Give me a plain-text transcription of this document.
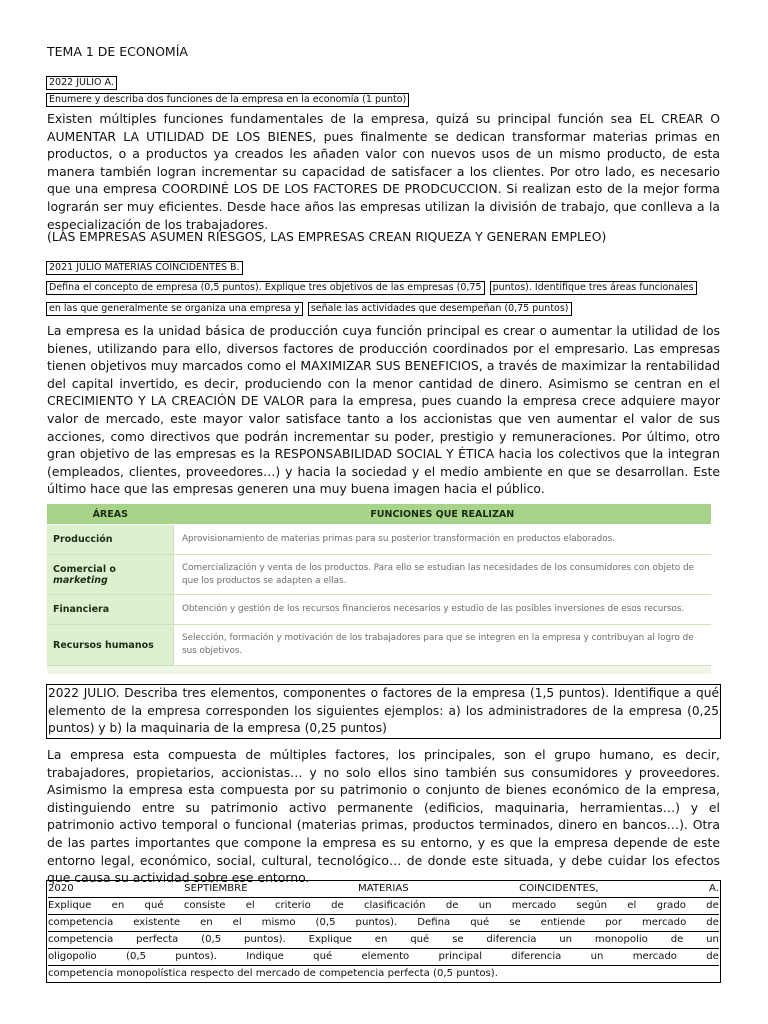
TEMA 1 DE ECONOMÍA
2022 JULIO A.
Enumere y describa dos funciones de la empresa en la economía (1 punto)
Existen múltiples funciones fundamentales de la empresa, quizá su principal función sea EL CREAR O AUMENTAR LA UTILIDAD DE LOS BIENES, pues finalmente se dedican transformar materias primas en productos, o a productos ya creados les añaden valor con nuevos usos de un mismo producto, de esta manera también logran incrementar su capacidad de satisfacer a los clientes. Por otro lado, es necesario que una empresa COORDINÉ LOS DE LOS FACTORES DE PRODCUCCION. Si realizan esto de la mejor forma lograrán ser muy eficientes. Desde hace años las empresas utilizan la división de trabajo, que conlleva a la especialización de los trabajadores.
(LAS EMPRESAS ASUMEN RIESGOS, LAS EMPRESAS CREAN RIQUEZA Y GENERAN EMPLEO)
2021 JULIO MATERIAS COINCIDENTES B.
Defina el concepto de empresa (0,5 puntos). Explique tres objetivos de las empresas (0,75 puntos). Identifique tres áreas funcionales
en las que generalmente se organiza una empresa y señale las actividades que desempeñan (0,75 puntos)
La empresa es la unidad básica de producción cuya función principal es crear o aumentar la utilidad de los bienes, utilizando para ello, diversos factores de producción coordinados por el empresario. Las empresas tienen objetivos muy marcados como el MAXIMIZAR SUS BENEFICIOS, a través de maximizar la rentabilidad del capital invertido, es decir, produciendo con la menor cantidad de dinero. Asimismo se centran en el CRECIMIENTO Y LA CREACIÓN DE VALOR para la empresa, pues cuando la empresa crece adquiere mayor valor de mercado, este mayor valor satisface tanto a los accionistas que ven aumentar el valor de sus acciones, como directivos que podrán incrementar su poder, prestigio y remuneraciones. Por último, otro gran objetivo de las empresas es la RESPONSABILIDAD SOCIAL Y ÉTICA hacia los colectivos que la integran (empleados, clientes, proveedores…) y hacia la sociedad y el medio ambiente en que se desarrollan. Este último hace que las empresas generen una muy buena imagen hacia el público.
ÁREAS	FUNCIONES QUE REALIZAN
Producción	Aprovisionamiento de materias primas para su posterior transformación en productos elaborados.
Comercial o marketing	Comercialización y venta de los productos. Para ello se estudian las necesidades de los consumidores con objeto de que los productos se adapten a ellas.
Financiera	Obtención y gestión de los recursos financieros necesarios y estudio de las posibles inversiones de esos recursos.
Recursos humanos	Selección, formación y motivación de los trabajadores para que se integren en la empresa y contribuyan al logro de sus objetivos.

2022 JULIO. Describa tres elementos, componentes o factores de la empresa (1,5 puntos). Identifique a qué elemento de la empresa corresponden los siguientes ejemplos: a) los administradores de la empresa (0,25 puntos) y b) la maquinaria de la empresa (0,25 puntos)
La empresa esta compuesta de múltiples factores, los principales, son el grupo humano, es decir, trabajadores, propietarios, accionistas… y no solo ellos sino también sus consumidores y proveedores. Asimismo la empresa esta compuesta por su patrimonio o conjunto de bienes económico de la empresa, distinguiendo entre su patrimonio activo permanente (edificios, maquinaria, herramientas…) y el patrimonio activo temporal o funcional (materias primas, productos terminados, dinero en bancos…). Otra de las partes importantes que compone la empresa es su entorno, y es que la empresa depende de este entorno legal, económico, social, cultural, tecnológico… de donde este situada, y debe cuidar los efectos que causa su actividad sobre ese entorno.
2020	SEPTIEMBRE	MATERIAS	COINCIDENTES,	A.
Explique en qué consiste el criterio de clasificación de un mercado según el grado de
competencia existente en el mismo (0,5 puntos). Defina qué se entiende por mercado de
competencia perfecta (0,5 puntos). Explique en qué se diferencia un monopolio de un
oligopolio	(0,5	puntos).	Indique	qué	elemento	principal	diferencia	un	mercado	de
competencia monopolística respecto del mercado de competencia perfecta (0,5 puntos).
